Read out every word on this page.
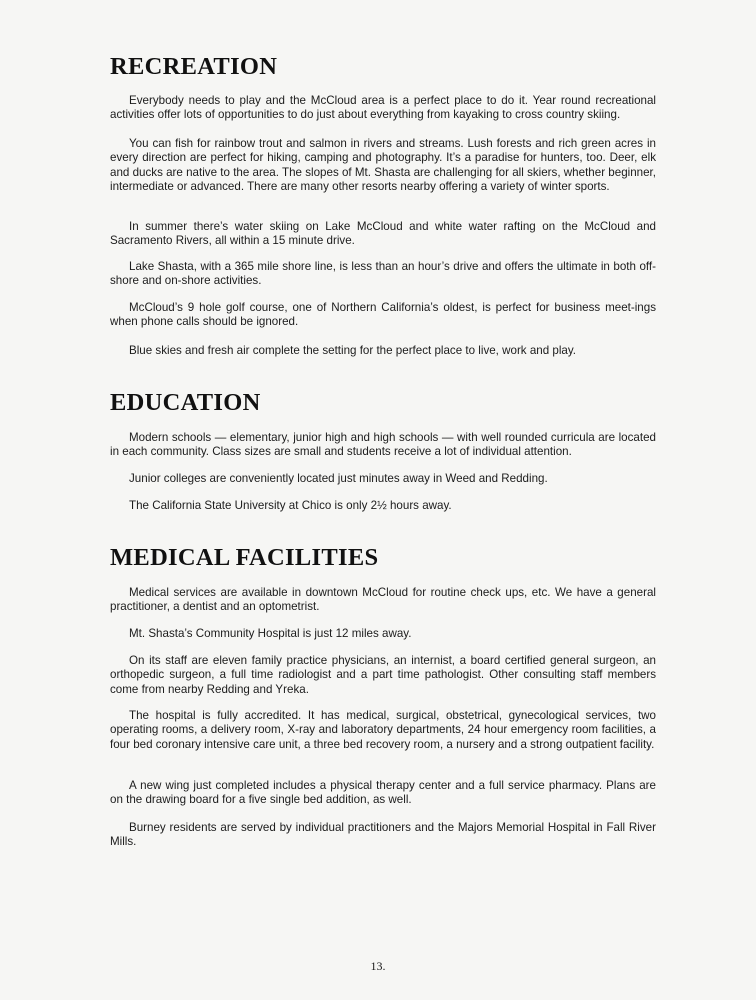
RECREATION

Everybody needs to play and the McCloud area is a perfect place to do it. Year round recreational activities offer lots of opportunities to do just about everything from kayaking to cross country skiing.

You can fish for rainbow trout and salmon in rivers and streams. Lush forests and rich green acres in every direction are perfect for hiking, camping and photography. It’s a paradise for hunters, too. Deer, elk and ducks are native to the area. The slopes of Mt. Shasta are challenging for all skiers, whether beginner, intermediate or advanced. There are many other resorts nearby offering a variety of winter sports.

In summer there’s water skiing on Lake McCloud and white water rafting on the McCloud and Sacramento Rivers, all within a 15 minute drive.

Lake Shasta, with a 365 mile shore line, is less than an hour’s drive and offers the ultimate in both off-shore and on-shore activities.

McCloud’s 9 hole golf course, one of Northern California’s oldest, is perfect for business meet-ings when phone calls should be ignored.

Blue skies and fresh air complete the setting for the perfect place to live, work and play.

EDUCATION

Modern schools — elementary, junior high and high schools — with well rounded curricula are located in each community. Class sizes are small and students receive a lot of individual attention.

Junior colleges are conveniently located just minutes away in Weed and Redding.

The California State University at Chico is only 2½ hours away.

MEDICAL FACILITIES

Medical services are available in downtown McCloud for routine check ups, etc. We have a general practitioner, a dentist and an optometrist.

Mt. Shasta’s Community Hospital is just 12 miles away.

On its staff are eleven family practice physicians, an internist, a board certified general surgeon, an orthopedic surgeon, a full time radiologist and a part time pathologist. Other consulting staff members come from nearby Redding and Yreka.

The hospital is fully accredited. It has medical, surgical, obstetrical, gynecological services, two operating rooms, a delivery room, X-ray and laboratory departments, 24 hour emergency room facilities, a four bed coronary intensive care unit, a three bed recovery room, a nursery and a strong outpatient facility.

A new wing just completed includes a physical therapy center and a full service pharmacy. Plans are on the drawing board for a five single bed addition, as well.

Burney residents are served by individual practitioners and the Majors Memorial Hospital in Fall River Mills.

13.
